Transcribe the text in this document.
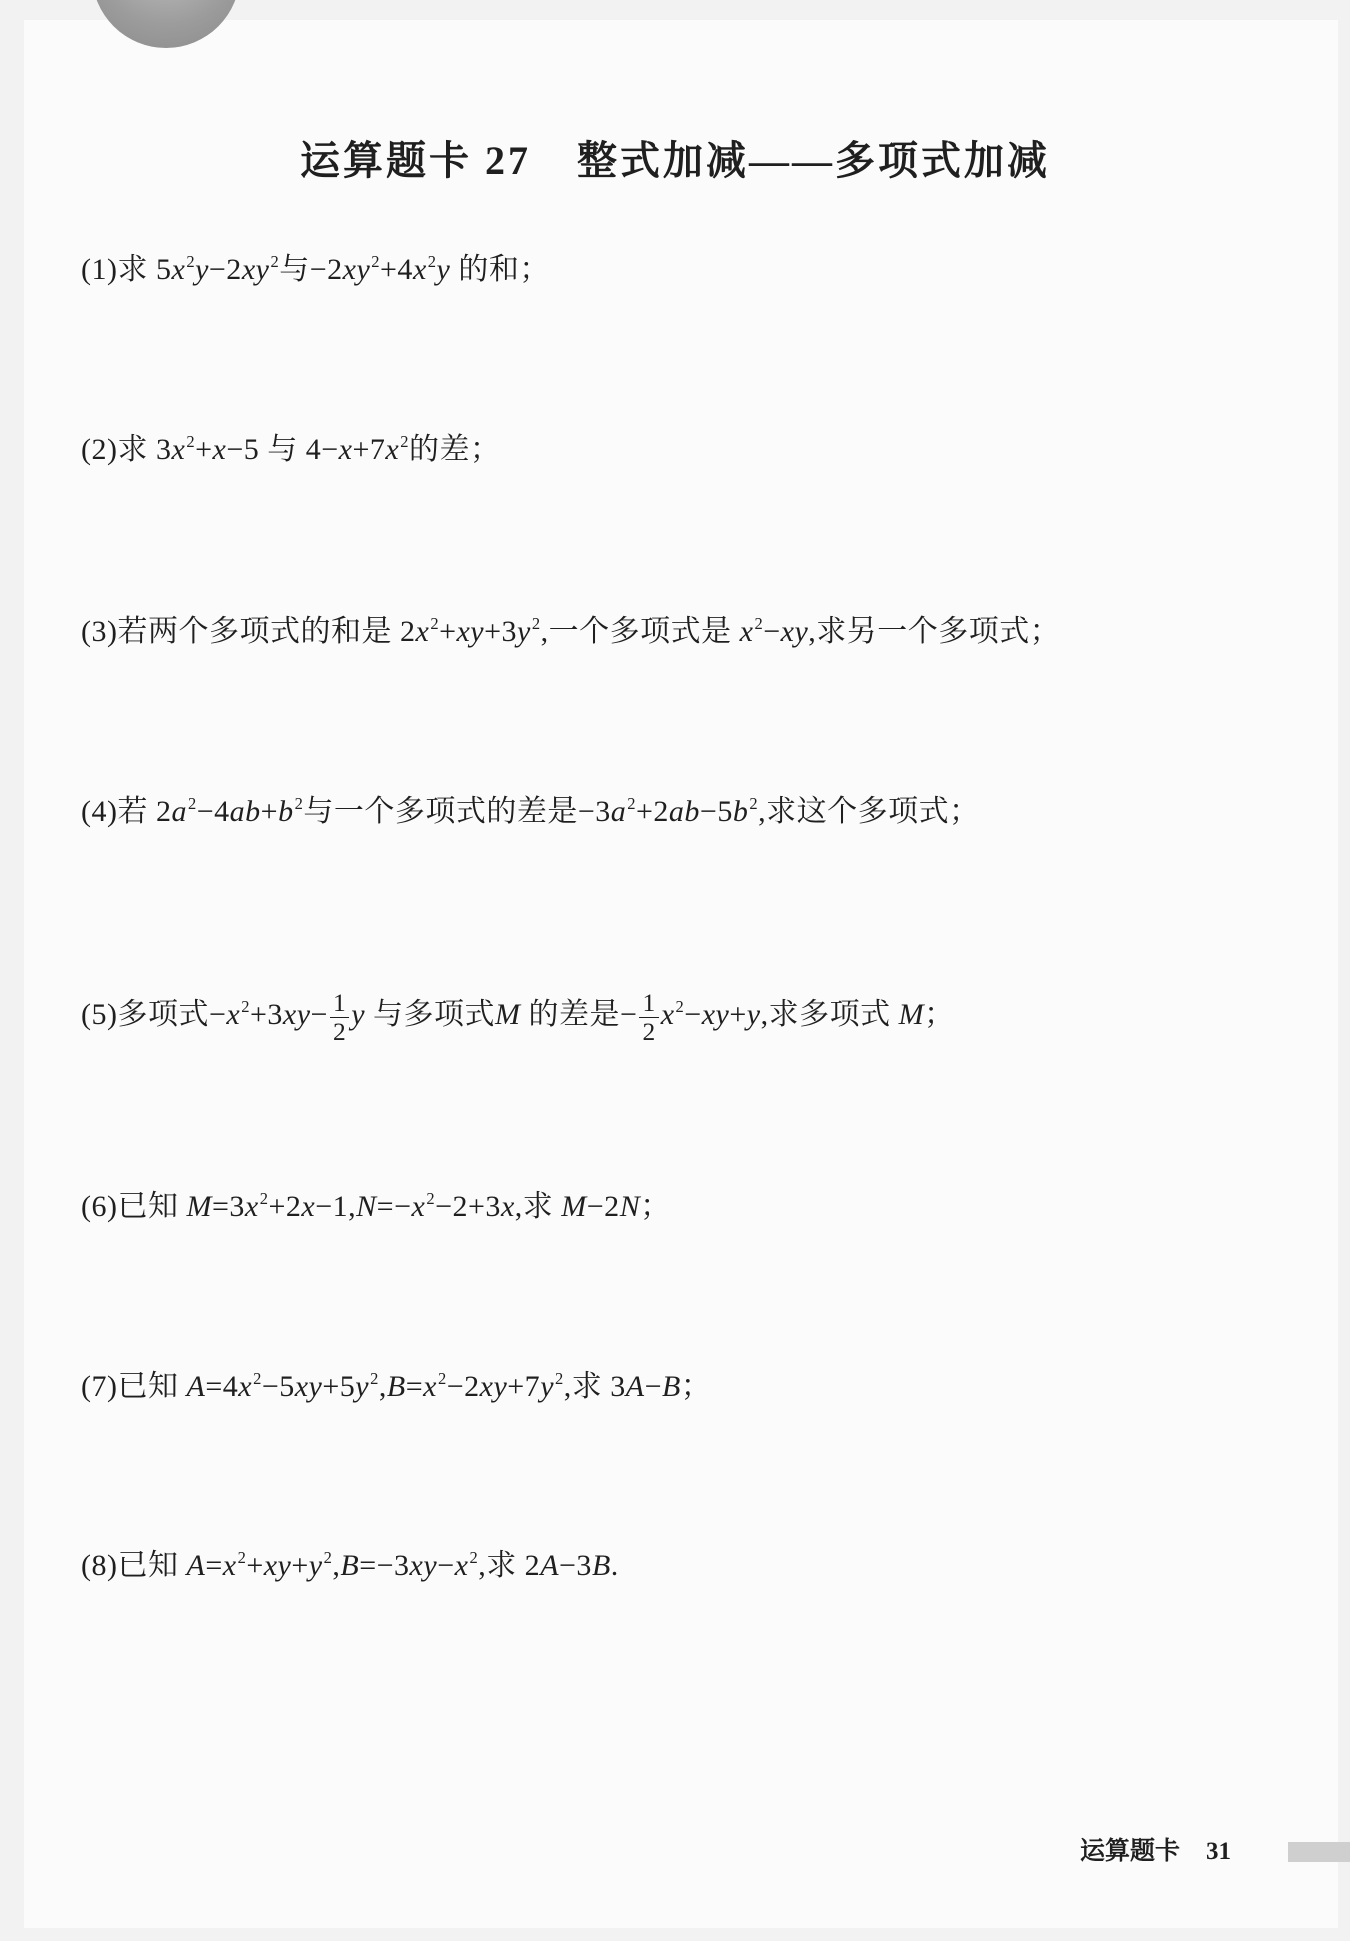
运算题卡 27 整式加减——多项式加减
(1)求 $5x^2y-2xy^2$与$-2xy^2+4x^2y$ 的和；
(2)求 $3x^2+x-5$ 与 $4-x+7x^2$的差；
(3)若两个多项式的和是 $2x^2+xy+3y^2$,一个多项式是 $x^2-xy$,求另一个多项式；
(4)若 $2a^2-4ab+b^2$与一个多项式的差是$-3a^2+2ab-5b^2$,求这个多项式；
(5)多项式$-x^2+3xy- \frac{1}{2}$ y 与多项式M 的差是− $\frac{1}{2} x^2-xy+y$,求多项式 M；
(6)已知 $M=3x^2+2x-1,N=-x^2-2+3x$,求 M−2N；
(7)已知 $A=4x^2-5xy+5y^2,B=x^2-2xy+7y^2$,求 3A−B；
(8)已知 $A=x^2+xy+y^2,B=-3xy-x^2$,求 2A−3B.
运算题卡 31
